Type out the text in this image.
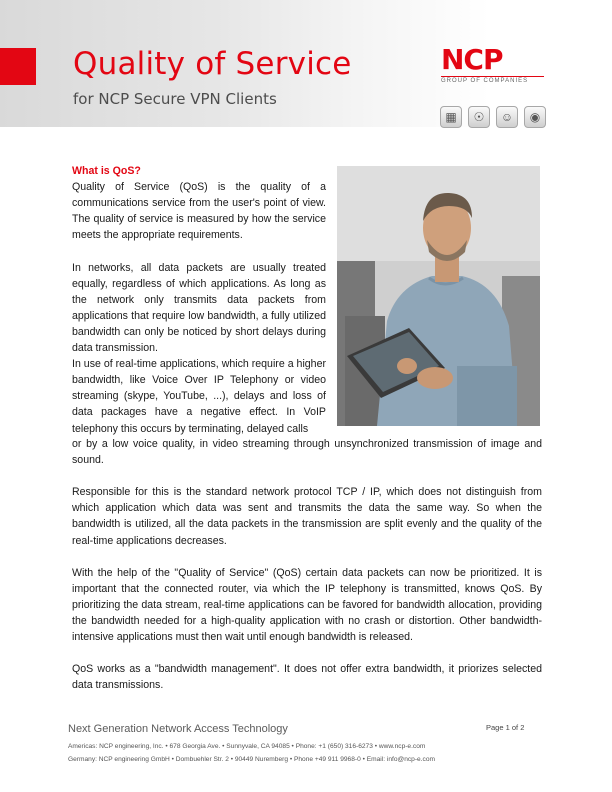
Quality of Service
for NCP Secure VPN Clients
NCP
GROUP OF COMPANIES
▦	☉	☺	◉

What is QoS?

Quality of Service (QoS) is the quality of a communications service from the user's point of view. The quality of service is measured by how the service meets the appropriate requirements.

In networks, all data packets are usually treated equally, regardless of which applications. As long as the network only transmits data packets from applications that require low bandwidth, a fully utilized bandwidth can only be noticed by short delays during data transmission.

In use of real-time applications, which require a higher bandwidth, like Voice Over IP Telephony or video streaming (skype, YouTube, ...), delays and loss of data packages have a negative effect. In VoIP telephony this occurs by terminating, delayed calls

or by a low voice quality, in video streaming through unsynchronized transmission of image and sound.

Responsible for this is the standard network protocol TCP / IP, which does not distinguish from which application which data was sent and transmits the data the same way. So when the bandwidth is utilized, all the data packets in the transmission are split evenly and the quality of the real-time applications decreases.

With the help of the "Quality of Service" (QoS) certain data packets can now be prioritized. It is important that the connected router, via which the IP telephony is transmitted, knows QoS. By prioritizing the data stream, real-time applications can be favored for bandwidth allocation, providing the bandwidth needed for a high-quality application with no crash or distortion. Other bandwidth-intensive applications must then wait until enough bandwidth is released.

QoS works as a "bandwidth management". It does not offer extra bandwidth, it priorizes selected data transmissions.

Next Generation Network Access Technology	Page 1 of 2
Americas: NCP engineering, Inc. • 678 Georgia Ave. • Sunnyvale, CA 94085 • Phone: +1 (650) 316-6273 • www.ncp-e.com
Germany: NCP engineering GmbH • Dombuehler Str. 2 • 90449 Nuremberg • Phone +49 911 9968-0 • Email: info@ncp-e.com
